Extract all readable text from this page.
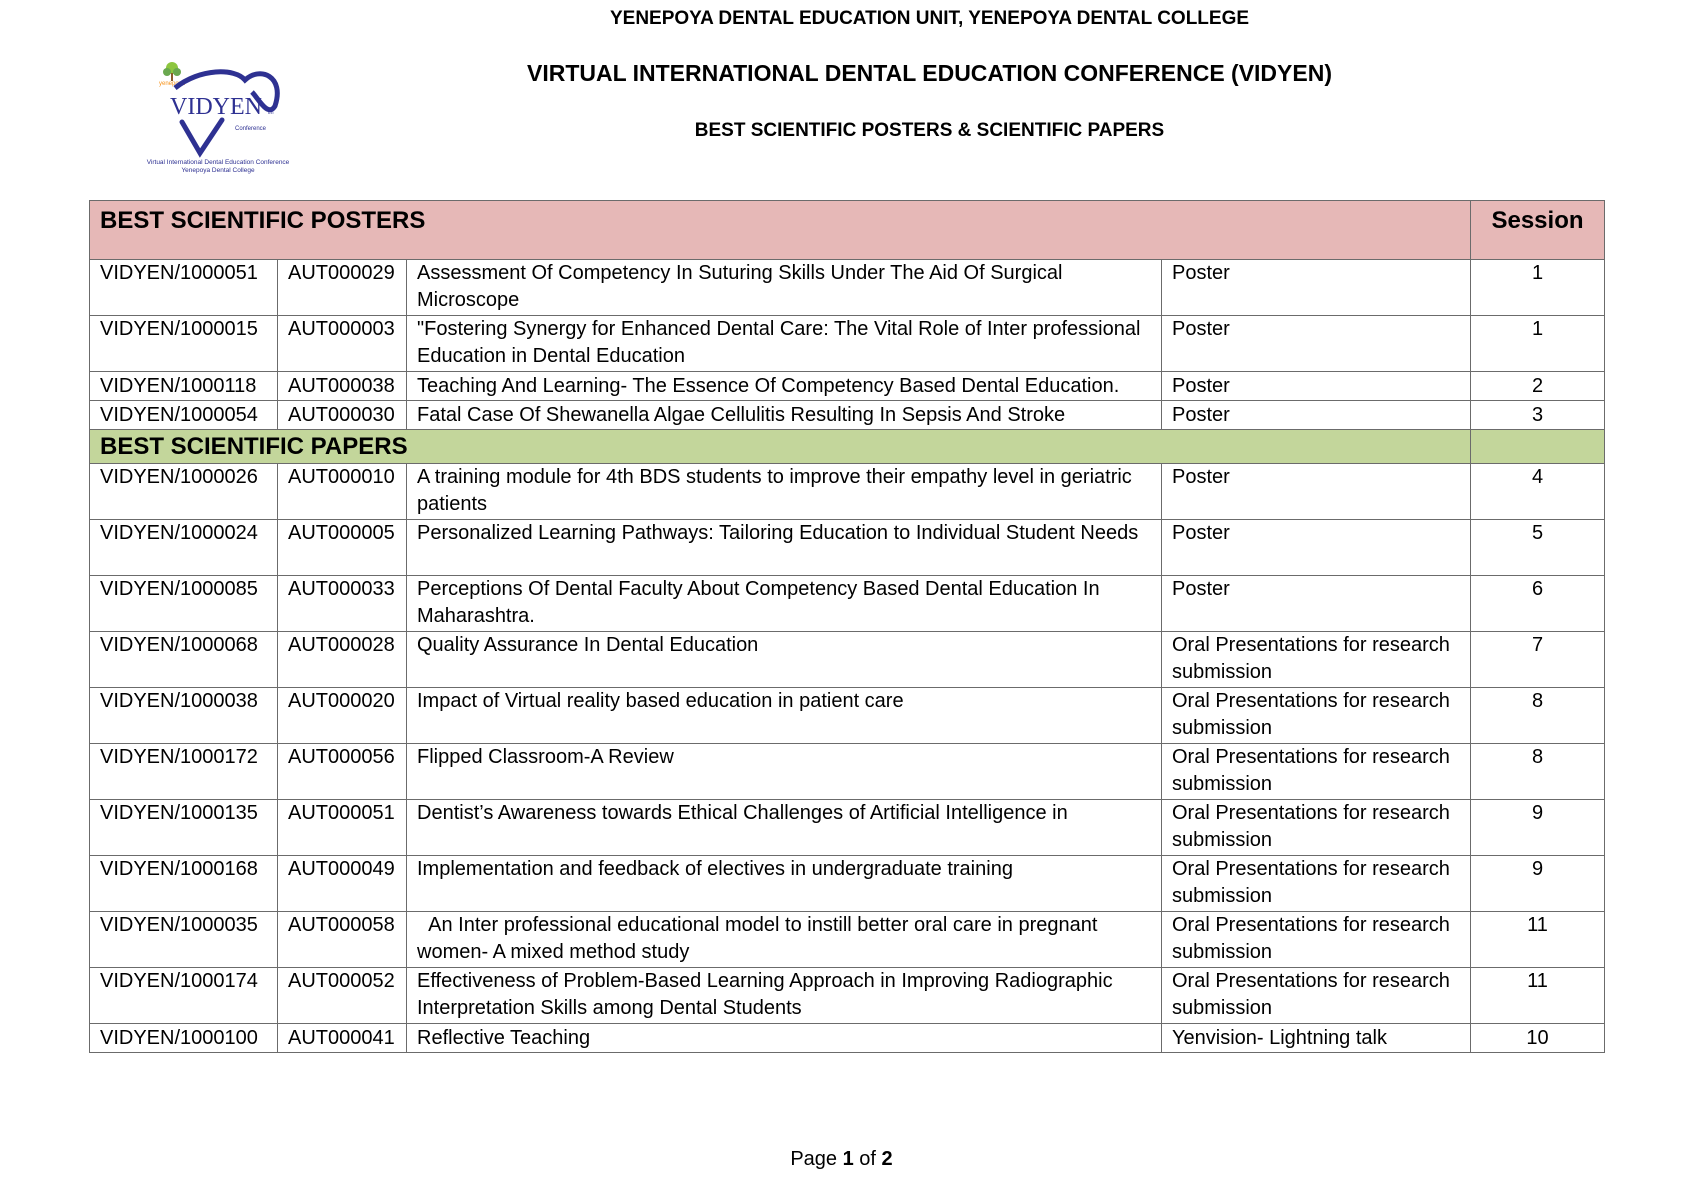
YENEPOYA DENTAL EDUCATION UNIT, YENEPOYA DENTAL COLLEGE
VIRTUAL INTERNATIONAL DENTAL EDUCATION CONFERENCE (VIDYEN)
BEST SCIENTIFIC POSTERS & SCIENTIFIC PAPERS
yenepoya
VIDYEN tm
Conference
Virtual International Dental Education Conference
Yenepoya Dental College
BEST SCIENTIFIC POSTERS				Session
VIDYEN/1000051	AUT000029	Assessment Of Competency In Suturing Skills Under The Aid Of Surgical Microscope	Poster	1
VIDYEN/1000015	AUT000003	"Fostering Synergy for Enhanced Dental Care: The Vital Role of Inter professional Education in Dental Education	Poster	1
VIDYEN/1000118	AUT000038	Teaching And Learning- The Essence Of Competency Based Dental Education.	Poster	2
VIDYEN/1000054	AUT000030	Fatal Case Of Shewanella Algae Cellulitis Resulting In Sepsis And Stroke	Poster	3
BEST SCIENTIFIC PAPERS				
VIDYEN/1000026	AUT000010	A training module for 4th BDS students to improve their empathy level in geriatric patients	Poster	4
VIDYEN/1000024	AUT000005	Personalized Learning Pathways: Tailoring Education to Individual Student Needs	Poster	5
VIDYEN/1000085	AUT000033	Perceptions Of Dental Faculty About Competency Based Dental Education In Maharashtra.	Poster	6
VIDYEN/1000068	AUT000028	Quality Assurance In Dental Education	Oral Presentations for research submission	7
VIDYEN/1000038	AUT000020	Impact of Virtual reality based education in patient care	Oral Presentations for research submission	8
VIDYEN/1000172	AUT000056	Flipped Classroom-A Review	Oral Presentations for research submission	8
VIDYEN/1000135	AUT000051	Dentist’s Awareness towards Ethical Challenges of Artificial Intelligence in	Oral Presentations for research submission	9
VIDYEN/1000168	AUT000049	Implementation and feedback of electives in undergraduate training	Oral Presentations for research submission	9
VIDYEN/1000035	AUT000058	An Inter professional educational model to instill better oral care in pregnant women- A mixed method study	Oral Presentations for research submission	11
VIDYEN/1000174	AUT000052	Effectiveness of Problem-Based Learning Approach in Improving Radiographic Interpretation Skills among Dental Students	Oral Presentations for research submission	11
VIDYEN/1000100	AUT000041	Reflective Teaching	Yenvision- Lightning talk	10
Page 1 of 2
